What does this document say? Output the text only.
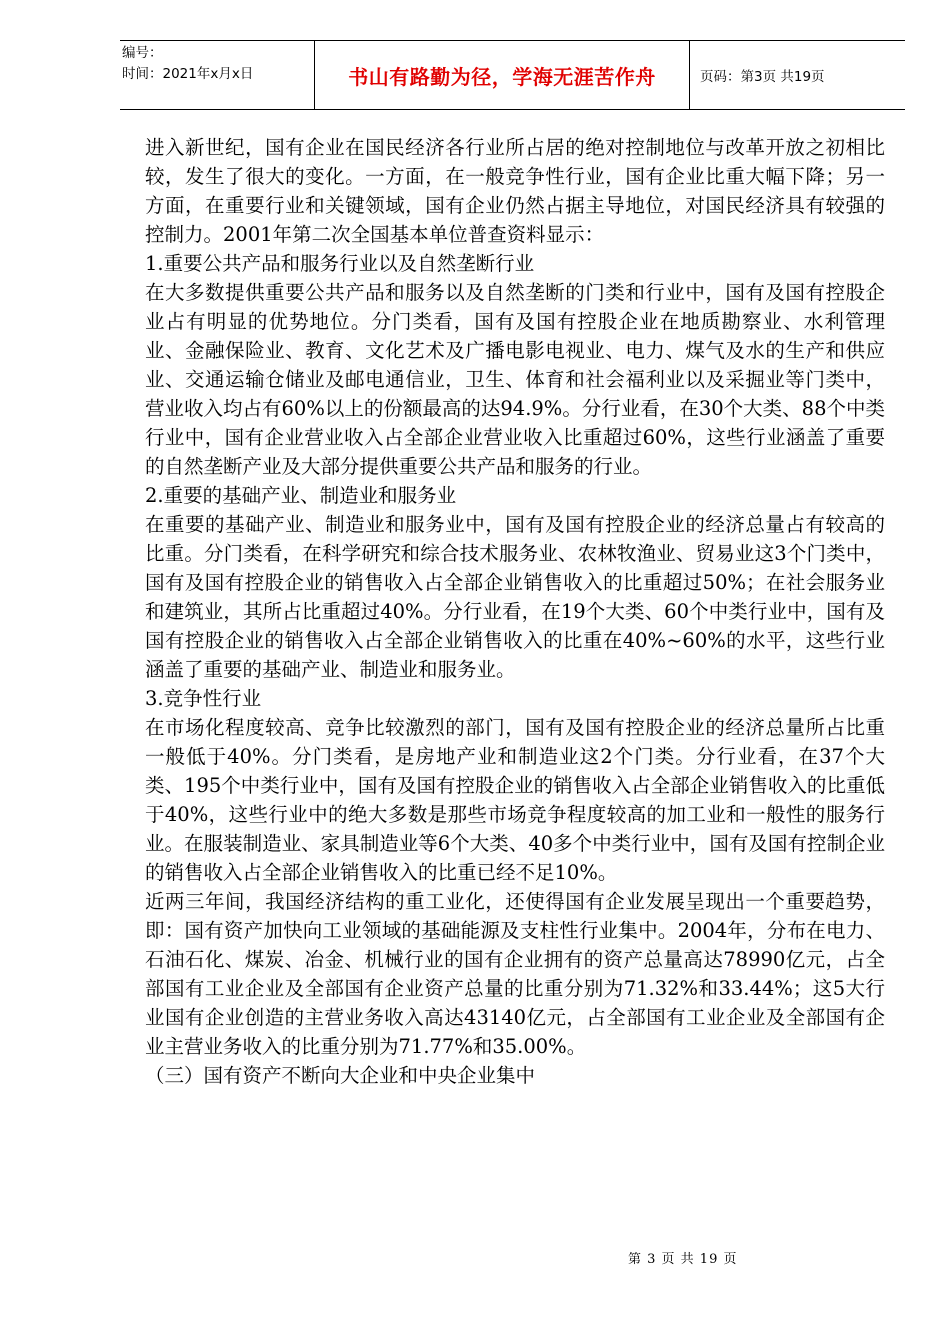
编号：
时间：2021年x月x日	书山有路勤为径，学海无涯苦作舟	页码：第3页 共19页

进入新世纪，国有企业在国民经济各行业所占居的绝对控制地位与改革开放之初相比较，发生了很大的变化。一方面，在一般竞争性行业，国有企业比重大幅下降；另一方面，在重要行业和关键领域，国有企业仍然占据主导地位，对国民经济具有较强的控制力。2001年第二次全国基本单位普查资料显示：

1.重要公共产品和服务行业以及自然垄断行业

在大多数提供重要公共产品和服务以及自然垄断的门类和行业中，国有及国有控股企业占有明显的优势地位。分门类看，国有及国有控股企业在地质勘察业、水利管理业、金融保险业、教育、文化艺术及广播电影电视业、电力、煤气及水的生产和供应业、交通运输仓储业及邮电通信业，卫生、体育和社会福利业以及采掘业等门类中，营业收入均占有60%以上的份额最高的达94.9%。分行业看，在30个大类、88个中类行业中，国有企业营业收入占全部企业营业收入比重超过60%，这些行业涵盖了重要的自然垄断产业及大部分提供重要公共产品和服务的行业。

2.重要的基础产业、制造业和服务业

在重要的基础产业、制造业和服务业中，国有及国有控股企业的经济总量占有较高的比重。分门类看，在科学研究和综合技术服务业、农林牧渔业、贸易业这3个门类中，国有及国有控股企业的销售收入占全部企业销售收入的比重超过50%；在社会服务业和建筑业，其所占比重超过40%。分行业看，在19个大类、60个中类行业中，国有及国有控股企业的销售收入占全部企业销售收入的比重在40%~60%的水平，这些行业涵盖了重要的基础产业、制造业和服务业。

3.竞争性行业

在市场化程度较高、竞争比较激烈的部门，国有及国有控股企业的经济总量所占比重一般低于40%。分门类看，是房地产业和制造业这2个门类。分行业看，在37个大类、195个中类行业中，国有及国有控股企业的销售收入占全部企业销售收入的比重低于40%，这些行业中的绝大多数是那些市场竞争程度较高的加工业和一般性的服务行业。在服装制造业、家具制造业等6个大类、40多个中类行业中，国有及国有控制企业的销售收入占全部企业销售收入的比重已经不足10%。

近两三年间，我国经济结构的重工业化，还使得国有企业发展呈现出一个重要趋势，即：国有资产加快向工业领域的基础能源及支柱性行业集中。2004年，分布在电力、石油石化、煤炭、冶金、机械行业的国有企业拥有的资产总量高达78990亿元，占全部国有工业企业及全部国有企业资产总量的比重分别为71.32%和33.44%；这5大行业国有企业创造的主营业务收入高达43140亿元，占全部国有工业企业及全部国有企业主营业务收入的比重分别为71.77%和35.00%。

（三）国有资产不断向大企业和中央企业集中

第 3 页 共 19 页
